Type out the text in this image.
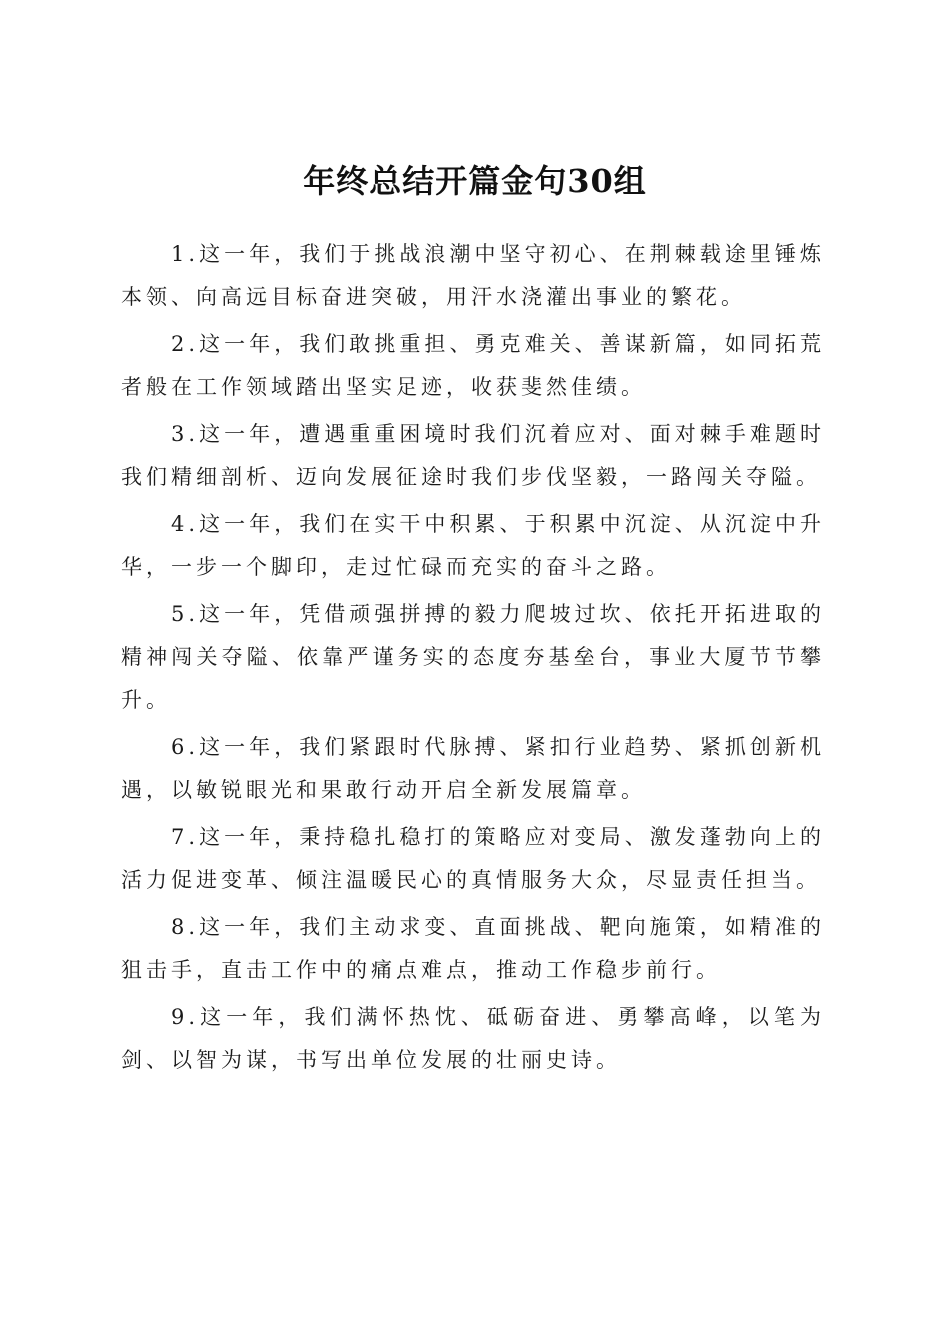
年终总结开篇金句30组

1.这一年，我们于挑战浪潮中坚守初心、在荆棘载途里锤炼本领、向高远目标奋进突破，用汗水浇灌出事业的繁花。

2.这一年，我们敢挑重担、勇克难关、善谋新篇，如同拓荒者般在工作领域踏出坚实足迹，收获斐然佳绩。

3.这一年，遭遇重重困境时我们沉着应对、面对棘手难题时我们精细剖析、迈向发展征途时我们步伐坚毅，一路闯关夺隘。

4.这一年，我们在实干中积累、于积累中沉淀、从沉淀中升华，一步一个脚印，走过忙碌而充实的奋斗之路。

5.这一年，凭借顽强拼搏的毅力爬坡过坎、依托开拓进取的精神闯关夺隘、依靠严谨务实的态度夯基垒台，事业大厦节节攀升。

6.这一年，我们紧跟时代脉搏、紧扣行业趋势、紧抓创新机遇，以敏锐眼光和果敢行动开启全新发展篇章。

7.这一年，秉持稳扎稳打的策略应对变局、激发蓬勃向上的活力促进变革、倾注温暖民心的真情服务大众，尽显责任担当。

8.这一年，我们主动求变、直面挑战、靶向施策，如精准的狙击手，直击工作中的痛点难点，推动工作稳步前行。

9.这一年，我们满怀热忱、砥砺奋进、勇攀高峰，以笔为剑、以智为谋，书写出单位发展的壮丽史诗。
